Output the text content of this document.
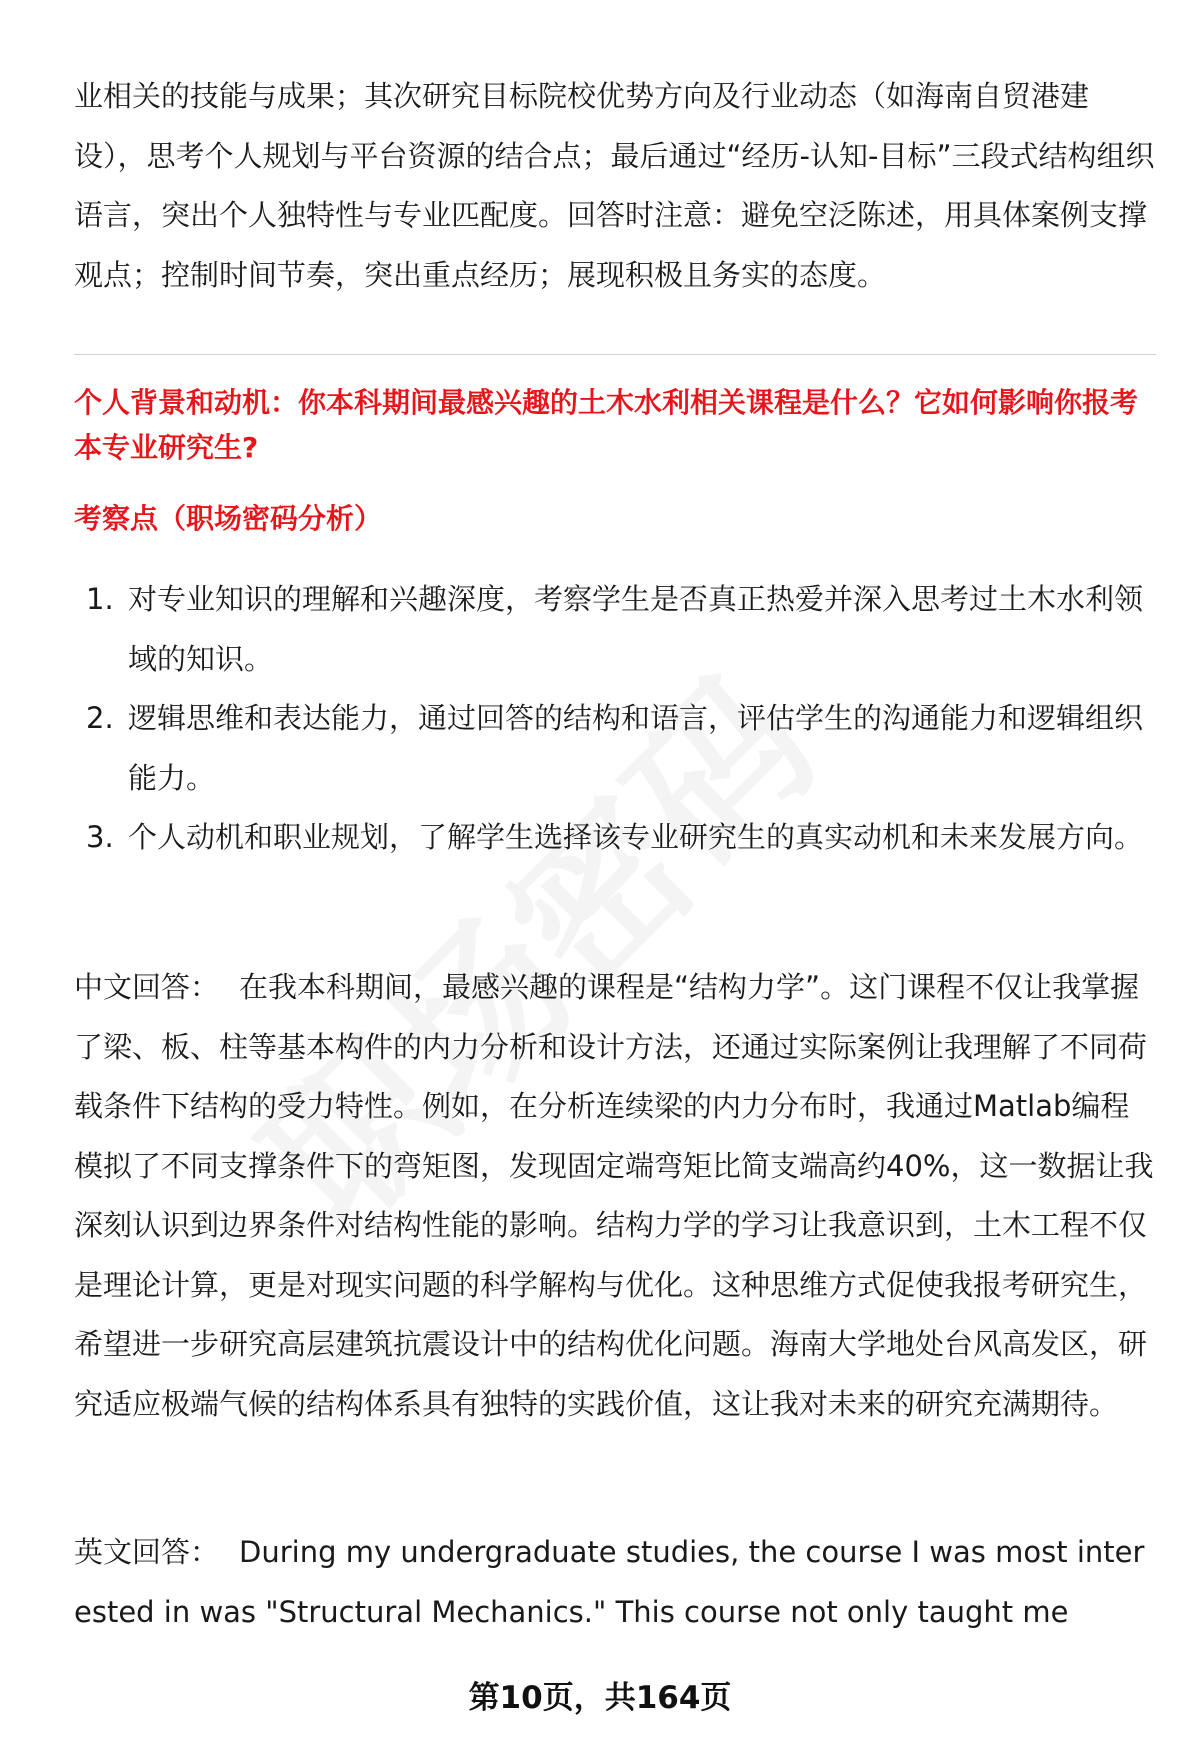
业相关的技能与成果；其次研究目标院校优势方向及行业动态（如海南自贸港建设），思考个人规划与平台资源的结合点；最后通过“经历-认知-目标”三段式结构组织语言，突出个人独特性与专业匹配度。回答时注意：避免空泛陈述，用具体案例支撑观点；控制时间节奏，突出重点经历；展现积极且务实的态度。

个人背景和动机：你本科期间最感兴趣的土木水利相关课程是什么？它如何影响你报考本专业研究生?

考察点（职场密码分析）

1. 对专业知识的理解和兴趣深度，考察学生是否真正热爱并深入思考过土木水利领域的知识。
2. 逻辑思维和表达能力，通过回答的结构和语言，评估学生的沟通能力和逻辑组织能力。
3. 个人动机和职业规划，了解学生选择该专业研究生的真实动机和未来发展方向。

中文回答： 在我本科期间，最感兴趣的课程是“结构力学”。这门课程不仅让我掌握了梁、板、柱等基本构件的内力分析和设计方法，还通过实际案例让我理解了不同荷载条件下结构的受力特性。例如，在分析连续梁的内力分布时，我通过Matlab编程模拟了不同支撑条件下的弯矩图，发现固定端弯矩比简支端高约40%，这一数据让我深刻认识到边界条件对结构性能的影响。结构力学的学习让我意识到，土木工程不仅是理论计算，更是对现实问题的科学解构与优化。这种思维方式促使我报考研究生，希望进一步研究高层建筑抗震设计中的结构优化问题。海南大学地处台风高发区，研究适应极端气候的结构体系具有独特的实践价值，这让我对未来的研究充满期待。

英文回答： During my undergraduate studies, the course I was most interested in was "Structural Mechanics." This course not only taught me

第10页，共164页
